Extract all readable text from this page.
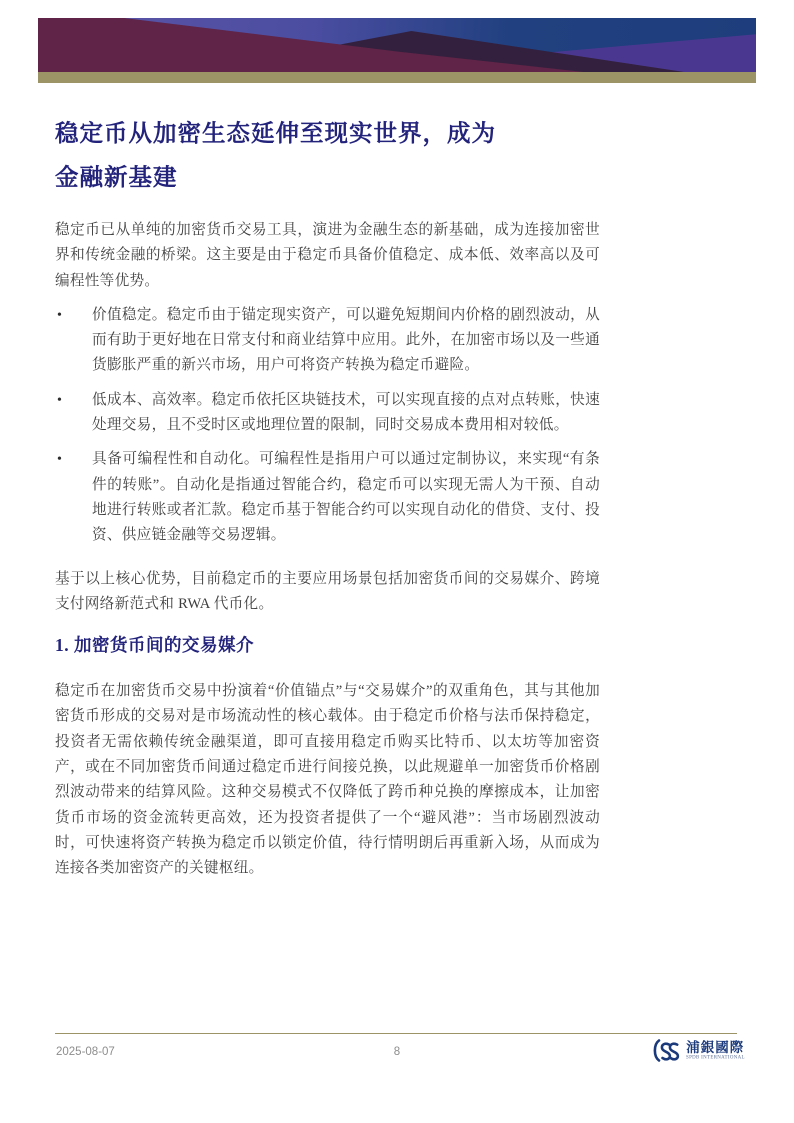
稳定币从加密生态延伸至现实世界，成为金融新基建

稳定币已从单纯的加密货币交易工具，演进为金融生态的新基础，成为连接加密世界和传统金融的桥梁。这主要是由于稳定币具备价值稳定、成本低、效率高以及可编程性等优势。

• 价值稳定。稳定币由于锚定现实资产，可以避免短期间内价格的剧烈波动，从而有助于更好地在日常支付和商业结算中应用。此外，在加密市场以及一些通货膨胀严重的新兴市场，用户可将资产转换为稳定币避险。
• 低成本、高效率。稳定币依托区块链技术，可以实现直接的点对点转账，快速处理交易，且不受时区或地理位置的限制，同时交易成本费用相对较低。
• 具备可编程性和自动化。可编程性是指用户可以通过定制协议，来实现“有条件的转账”。自动化是指通过智能合约，稳定币可以实现无需人为干预、自动地进行转账或者汇款。稳定币基于智能合约可以实现自动化的借贷、支付、投资、供应链金融等交易逻辑。

基于以上核心优势，目前稳定币的主要应用场景包括加密货币间的交易媒介、跨境支付网络新范式和 RWA 代币化。

1. 加密货币间的交易媒介

稳定币在加密货币交易中扮演着“价值锚点”与“交易媒介”的双重角色，其与其他加密货币形成的交易对是市场流动性的核心载体。由于稳定币价格与法币保持稳定，投资者无需依赖传统金融渠道，即可直接用稳定币购买比特币、以太坊等加密资产，或在不同加密货币间通过稳定币进行间接兑换，以此规避单一加密货币价格剧烈波动带来的结算风险。这种交易模式不仅降低了跨币种兑换的摩擦成本，让加密货币市场的资金流转更高效，还为投资者提供了一个“避风港”：当市场剧烈波动时，可快速将资产转换为稳定币以锁定价值，待行情明朗后再重新入场，从而成为连接各类加密资产的关键枢纽。

2025-08-07	8	浦銀國際
SPDB INTERNATIONAL
